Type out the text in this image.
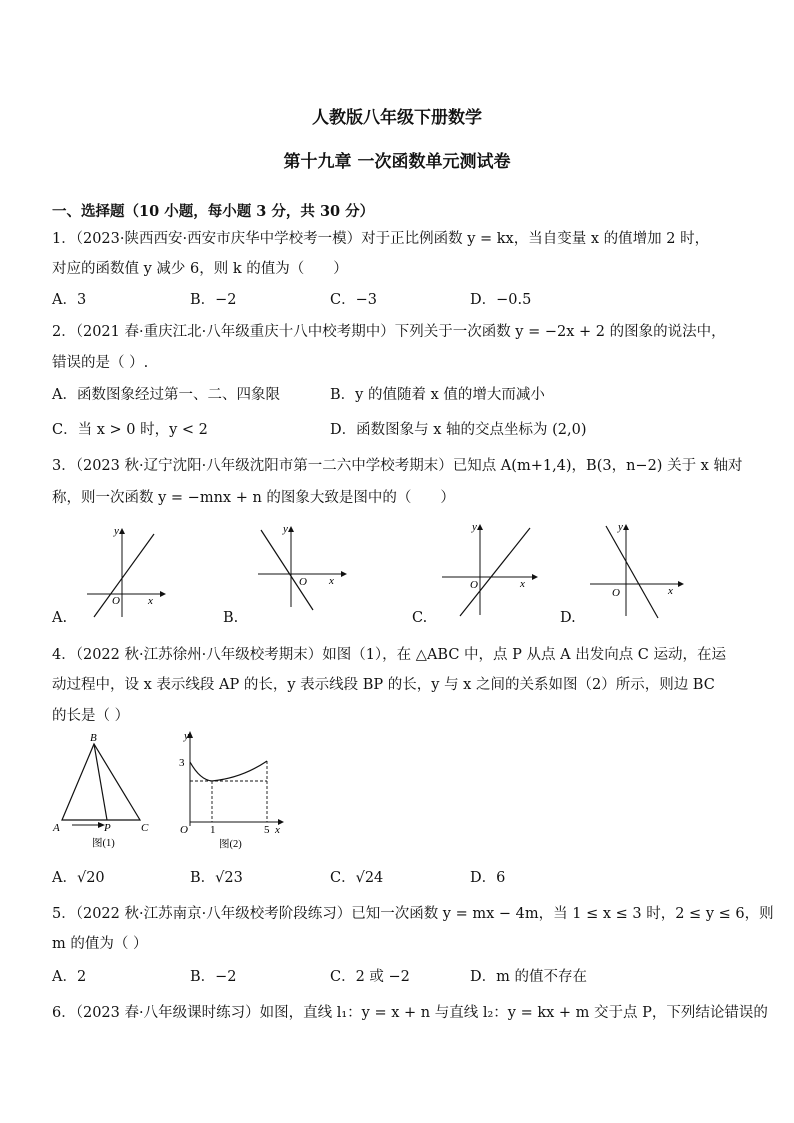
人教版八年级下册数学
第十九章 一次函数单元测试卷
一、选择题（10 小题，每小题 3 分，共 30 分）
1．（2023·陕西西安·西安市庆华中学校考一模）对于正比例函数 y = kx，当自变量 x 的值增加 2 时，
对应的函数值 y 减少 6，则 k 的值为（　　）
A．3	B．−2	C．−3	D．−0.5
2．（2021 春·重庆江北·八年级重庆十八中校考期中）下列关于一次函数 y = −2x + 2 的图象的说法中，
错误的是（ ）.
A．函数图象经过第一、二、四象限	B．y 的值随着 x 值的增大而减小
C．当 x > 0 时，y < 2	D．函数图象与 x 轴的交点坐标为 (2,0)
3．（2023 秋·辽宁沈阳·八年级沈阳市第一二六中学校考期末）已知点 A(m+1,4)，B(3，n−2) 关于 x 轴对
称，则一次函数 y = −mnx + n 的图象大致是图中的（　　）
y
x
O
A.
y
x
O
B.
y
x
O
C.
y
x
O
D.
4．（2022 秋·江苏徐州·八年级校考期末）如图（1），在 △ABC 中，点 P 从点 A 出发向点 C 运动，在运
动过程中，设 x 表示线段 AP 的长，y 表示线段 BP 的长，y 与 x 之间的关系如图（2）所示，则边 BC
的长是（ ）
B
A	P	C
图(1)
y
3
O 1	5 x
图(2)
A．√20	B．√23	C．√24	D．6
5．（2022 秋·江苏南京·八年级校考阶段练习）已知一次函数 y = mx − 4m，当 1 ≤ x ≤ 3 时，2 ≤ y ≤ 6，则
m 的值为（ ）
A．2	B．−2	C．2 或 −2	D．m 的值不存在
6．（2023 春·八年级课时练习）如图，直线 l₁：y = x + n 与直线 l₂：y = kx + m 交于点 P，下列结论错误的
